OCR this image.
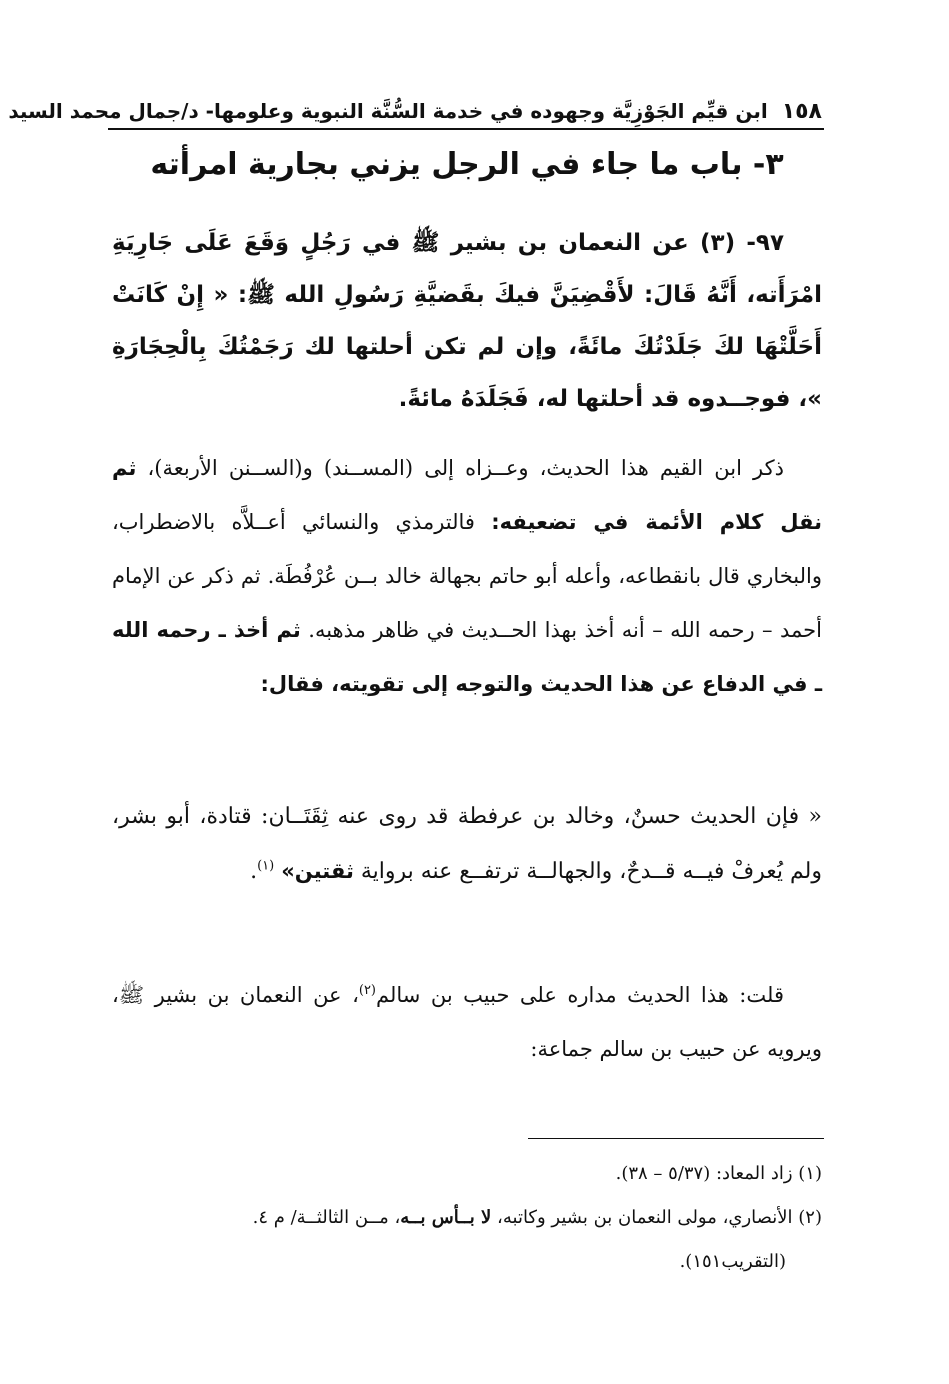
١٥٨
ابن قيِّم الجَوْزِيَّة وجهوده في خدمة السُّنَّة النبوية وعلومها- د/جمال محمد السيد
٣- باب ما جاء في الرجل يزني بجارية امرأته
٩٧- (٣) عن النعمان بن بشير ﷺ في رَجُلٍ وَقَعَ عَلَى جَارِيَةِ امْرَأَته، أَنَّهُ قَالَ: لأَقْضِيَنَّ فيكَ بقَضيَّةِ رَسُولِ الله ﷺ: « إِنْ كَانَتْ أَحَلَّتْهَا لكَ جَلَدْتُكَ مائَةً، وإن لم تكن أحلتها لك رَجَمْتُكَ بِالْحِجَارَةِ »، فوجــدوه قد أحلتها له، فَجَلَدَهُ مائةً.
ذكر ابن القيم هذا الحديث، وعــزاه إلى (المســند) و(الســنن الأربعة)، ثم نقل كلام الأئمة في تضعيفه: فالترمذي والنسائي أعــلاَّه بالاضطراب، والبخاري قال بانقطاعه، وأعله أبو حاتم بجهالة خالد بــن عُرْفُطَة. ثم ذكر عن الإمام أحمد – رحمه الله – أنه أخذ بهذا الحــديث في ظاهر مذهبه. ثم أخذ ـ رحمه الله ـ في الدفاع عن هذا الحديث والتوجه إلى تقويته، فقال:
« فإن الحديث حسنٌ، وخالد بن عرفطة قد روى عنه ثِقَتَــان: قتادة، أبو بشر، ولم يُعرفْ فيــه قــدحٌ، والجهالــة ترتفــع عنه برواية ثقتين» $^{(١)}$.
قلت: هذا الحديث مداره على حبيب بن سالم$^{(٢)}$، عن النعمان بن بشير ﷺ، ويرويه عن حبيب بن سالم جماعة:
(١) زاد المعاد: (٥/٣٧ – ٣٨).
(٢) الأنصاري، مولى النعمان بن بشير وكاتبه، لا بــأس بــه، مــن الثالثــة/ م ٤.
(التقريب١٥١).
